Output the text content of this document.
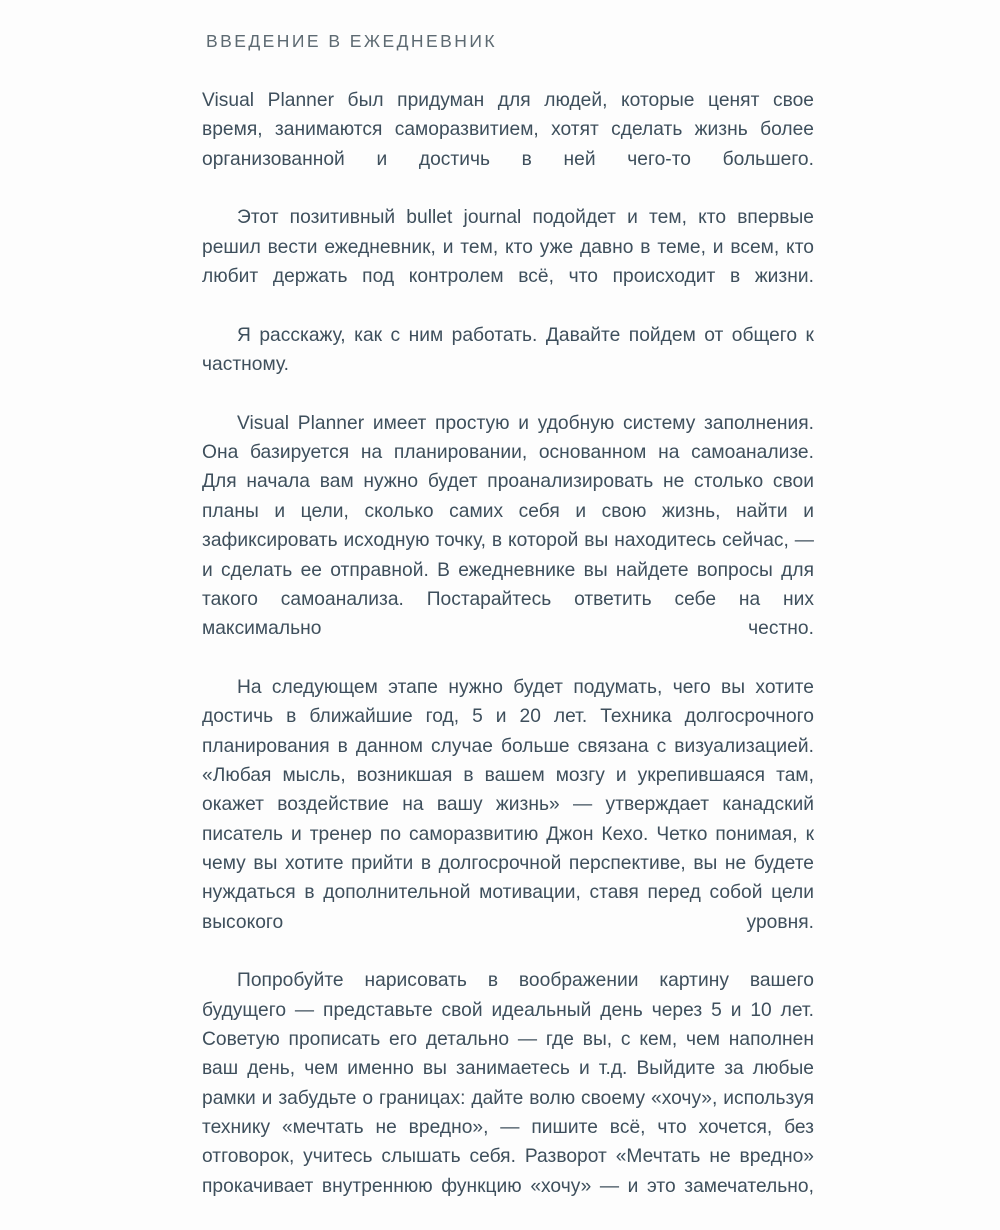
ВВЕДЕНИЕ В ЕЖЕДНЕВНИК

Visual Planner был придуман для людей, которые ценят свое время, занимаются саморазвитием, хотят сделать жизнь более организованной и достичь в ней чего-то большего.

Этот позитивный bullet journal подойдет и тем, кто впервые решил вести ежедневник, и тем, кто уже давно в теме, и всем, кто любит держать под контролем всё, что происходит в жизни.

Я расскажу, как с ним работать. Давайте пойдем от общего к частному.

Visual Planner имеет простую и удобную систему заполнения. Она базируется на планировании, основанном на самоанализе. Для начала вам нужно будет проанализировать не столько свои планы и цели, сколько самих себя и свою жизнь, найти и зафиксировать исходную точку, в которой вы находитесь сейчас, — и сделать ее отправной. В ежедневнике вы найдете вопросы для такого самоанализа. Постарайтесь ответить себе на них максимально честно.

На следующем этапе нужно будет подумать, чего вы хотите достичь в ближайшие год, 5 и 20 лет. Техника долгосрочного планирования в данном случае больше связана с визуализацией. «Любая мысль, возникшая в вашем мозгу и укрепившаяся там, окажет воздействие на вашу жизнь» — утверждает канадский писатель и тренер по саморазвитию Джон Кехо. Четко понимая, к чему вы хотите прийти в долгосрочной перспективе, вы не будете нуждаться в дополнительной мотивации, ставя перед собой цели высокого уровня.

Попробуйте нарисовать в воображении картину вашего будущего — представьте свой идеальный день через 5 и 10 лет. Советую прописать его детально — где вы, с кем, чем наполнен ваш день, чем именно вы занимаетесь и т.д. Выйдите за любые рамки и забудьте о границах: дайте волю своему «хочу», используя технику «мечтать не вредно», — пишите всё, что хочется, без отговорок, учитесь слышать себя. Разворот «Мечтать не вредно» прокачивает внутреннюю функцию «хочу» — и это замечательно,
